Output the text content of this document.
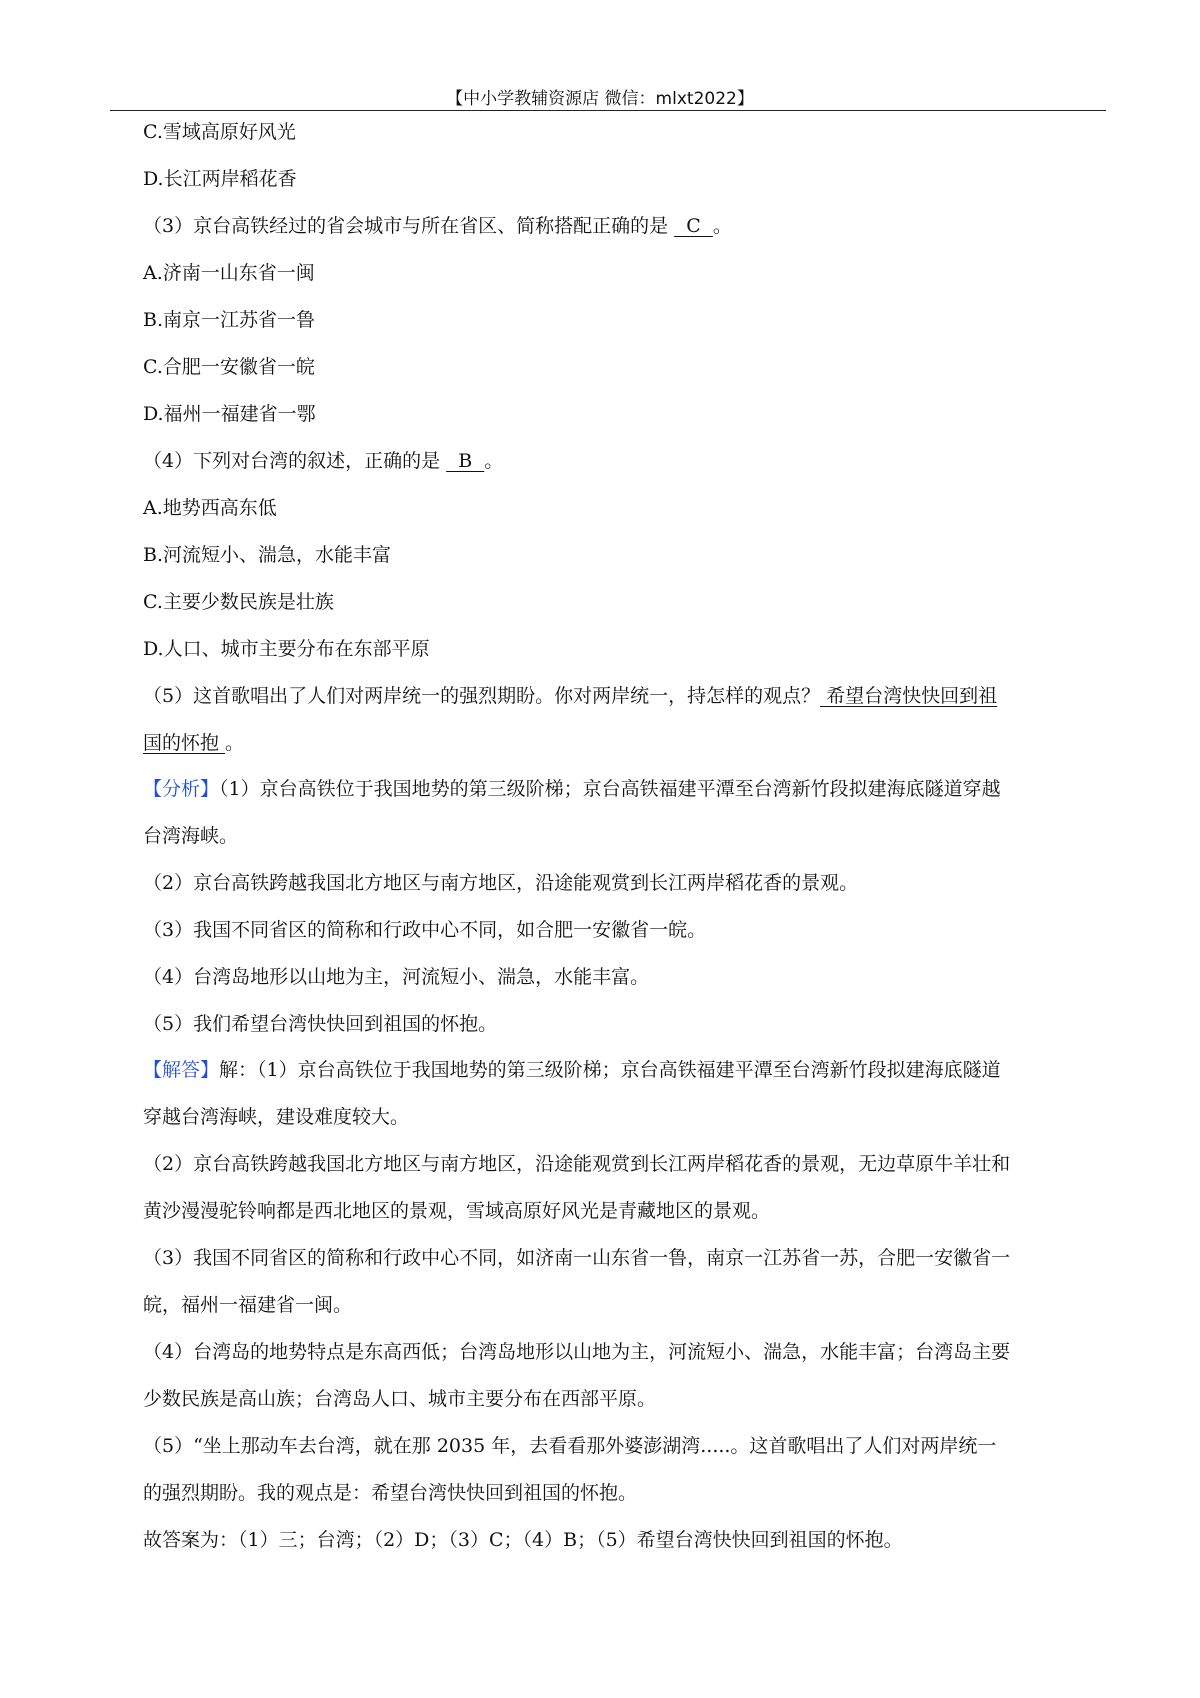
【中小学教辅资源店 微信：mlxt2022】
C.雪域高原好风光
D.长江两岸稻花香
（3）京台高铁经过的省会城市与所在省区、简称搭配正确的是   C  。
A.济南一山东省一闽
B.南京一江苏省一鲁
C.合肥一安徽省一皖
D.福州一福建省一鄂
（4）下列对台湾的叙述，正确的是   B  。
A.地势西高东低
B.河流短小、湍急，水能丰富
C.主要少数民族是壮族
D.人口、城市主要分布在东部平原
（5）这首歌唱出了人们对两岸统一的强烈期盼。你对两岸统一，持怎样的观点？ 希望台湾快快回到祖
国的怀抱 。
【分析】（1）京台高铁位于我国地势的第三级阶梯；京台高铁福建平潭至台湾新竹段拟建海底隧道穿越
台湾海峡。
（2）京台高铁跨越我国北方地区与南方地区，沿途能观赏到长江两岸稻花香的景观。
（3）我国不同省区的简称和行政中心不同，如合肥一安徽省一皖。
（4）台湾岛地形以山地为主，河流短小、湍急，水能丰富。
（5）我们希望台湾快快回到祖国的怀抱。
【解答】解：（1）京台高铁位于我国地势的第三级阶梯；京台高铁福建平潭至台湾新竹段拟建海底隧道
穿越台湾海峡，建设难度较大。
（2）京台高铁跨越我国北方地区与南方地区，沿途能观赏到长江两岸稻花香的景观，无边草原牛羊壮和
黄沙漫漫驼铃响都是西北地区的景观，雪域高原好风光是青藏地区的景观。
（3）我国不同省区的简称和行政中心不同，如济南一山东省一鲁，南京一江苏省一苏，合肥一安徽省一
皖，福州一福建省一闽。
（4）台湾岛的地势特点是东高西低；台湾岛地形以山地为主，河流短小、湍急，水能丰富；台湾岛主要
少数民族是高山族；台湾岛人口、城市主要分布在西部平原。
（5）“坐上那动车去台湾，就在那 2035 年，去看看那外婆澎湖湾.....。这首歌唱出了人们对两岸统一
的强烈期盼。我的观点是：希望台湾快快回到祖国的怀抱。
故答案为：（1）三；台湾；（2）D；（3）C；（4）B；（5）希望台湾快快回到祖国的怀抱。
